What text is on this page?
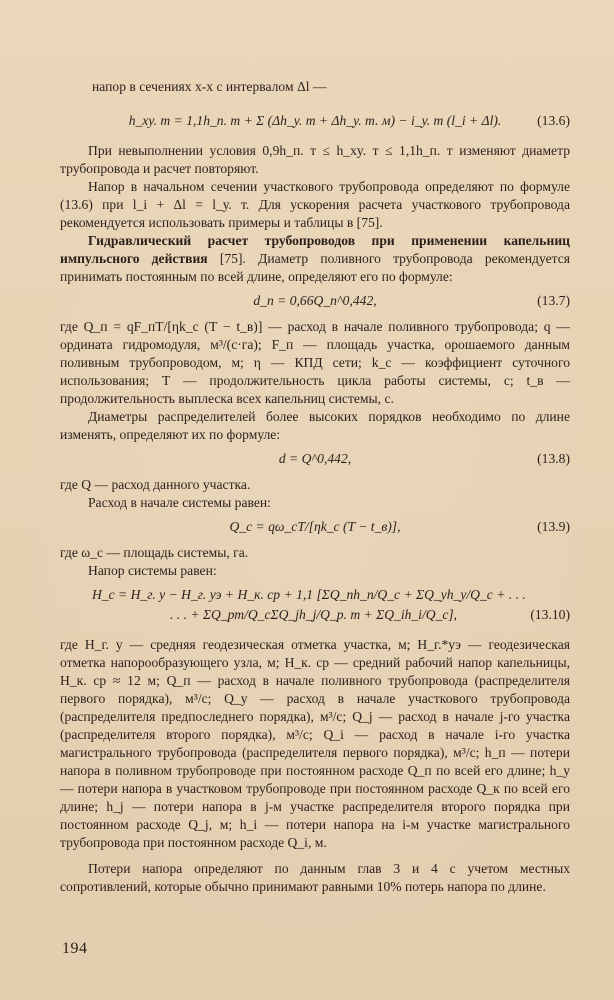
напор в сечениях x-x с интервалом Δl —

h_xy. т = 1,1h_п. т + Σ (Δh_у. т + Δh_у. т. м) − i_у. т (l_i + Δl).	(13.6)

При невыполнении условия 0,9h_п. т ≤ h_xy. т ≤ 1,1h_п. т изменяют диаметр трубопровода и расчет повторяют.

Напор в начальном сечении участкового трубопровода определяют по формуле (13.6) при l_i + Δl = l_у. т. Для ускорения расчета участкового трубопровода рекомендуется использовать примеры и таблицы в [75].

Гидравлический расчет трубопроводов при применении капельниц импульсного действия [75]. Диаметр поливного трубопровода рекомендуется принимать постоянным по всей длине, определяют его по формуле:

d_п = 0,66Q_п^0,442,	(13.7)

где Q_п = qF_пT/[ηk_c (T − t_в)] — расход в начале поливного трубопровода; q — ордината гидромодуля, м³/(с·га); F_п — площадь участка, орошаемого данным поливным трубопроводом, м; η — КПД сети; k_c — коэффициент суточного использования; T — продолжительность цикла работы системы, с; t_в — продолжительность выплеска всех капельниц системы, с.

Диаметры распределителей более высоких порядков необходимо по длине изменять, определяют их по формуле:

d = Q^0,442,	(13.8)

где Q — расход данного участка.

Расход в начале системы равен:

Q_c = qω_cT/[ηk_c (T − t_в)],	(13.9)

где ω_c — площадь системы, га.

Напор системы равен:

H_c = H_г. у − H_г. уэ + H_к. ср + 1,1 [ΣQ_пh_п/Q_c + ΣQ_уh_у/Q_c + . . .
. . . + ΣQ_рт/Q_cΣQ_jh_j/Q_р. т + ΣQ_ih_i/Q_c],	(13.10)

где H_г. у — средняя геодезическая отметка участка, м; H_г.*уэ — геодезическая отметка напорообразующего узла, м; H_к. ср — средний рабочий напор капельницы, H_к. ср ≈ 12 м; Q_п — расход в начале поливного трубопровода (распределителя первого порядка), м³/с; Q_у — расход в начале участкового трубопровода (распределителя предпоследнего порядка), м³/с; Q_j — расход в начале j-го участка (распределителя второго порядка), м³/с; Q_i — расход в начале i-го участка магистрального трубопровода (распределителя первого порядка), м³/с; h_п — потери напора в поливном трубопроводе при постоянном расходе Q_п по всей его длине; h_у — потери напора в участковом трубопроводе при постоянном расходе Q_к по всей его длине; h_j — потери напора в j-м участке распределителя второго порядка при постоянном расходе Q_j, м; h_i — потери напора на i-м участке магистрального трубопровода при постоянном расходе Q_i, м.

Потери напора определяют по данным глав 3 и 4 с учетом местных сопротивлений, которые обычно принимают равными 10% потерь напора по длине.

194
